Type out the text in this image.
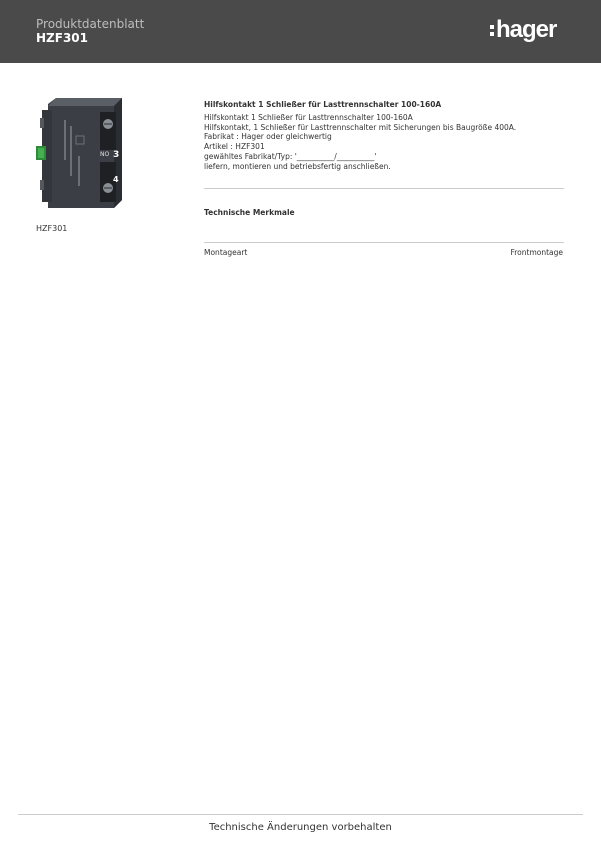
Produktdatenblatt
HZF301	hager
NO 3
4
HZF301
Hilfskontakt 1 Schließer für Lasttrennschalter 100-160A
Hilfskontakt 1 Schließer für Lasttrennschalter 100-160A
Hilfskontakt, 1 Schließer für Lasttrennschalter mit Sicherungen bis Baugröße 400A.
Fabrikat : Hager oder gleichwertig
Artikel : HZF301
gewähltes Fabrikat/Typ: '__________/__________'
liefern, montieren und betriebsfertig anschließen.
Technische Merkmale
Montageart	Frontmontage
Technische Änderungen vorbehalten
